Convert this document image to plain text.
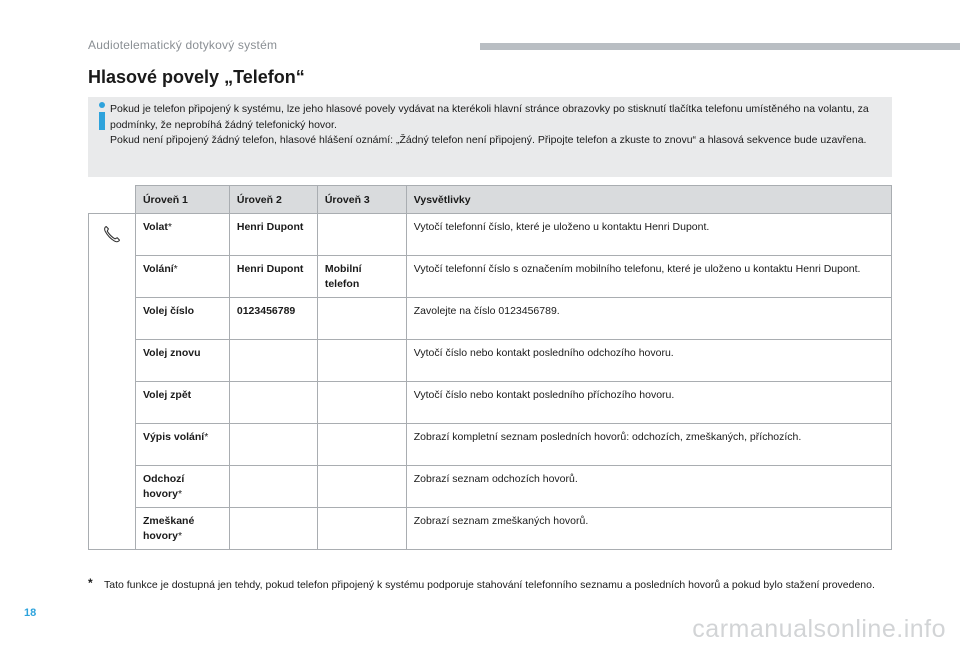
Audiotelematický dotykový systém
Hlasové povely „Telefon“

Pokud je telefon připojený k systému, lze jeho hlasové povely vydávat na kterékoli hlavní stránce obrazovky po stisknutí tlačítka telefonu umístěného na volantu, za podmínky, že neprobíhá žádný telefonický hovor.

Pokud není připojený žádný telefon, hlasové hlášení oznámí: „Žádný telefon není připojený. Připojte telefon a zkuste to znovu“ a hlasová sekvence bude uzavřena.

	Úroveň 1	Úroveň 2	Úroveň 3	Vysvětlivky

	Volat*	Henri Dupont		Vytočí telefonní číslo, které je uloženo u kontaktu Henri Dupont.
	Volání*	Henri Dupont	Mobilní telefon	Vytočí telefonní číslo s označením mobilního telefonu, které je uloženo u kontaktu Henri Dupont.
	Volej číslo	0123456789		Zavolejte na číslo 0123456789.
	Volej znovu			Vytočí číslo nebo kontakt posledního odchozího hovoru.
	Volej zpět			Vytočí číslo nebo kontakt posledního příchozího hovoru.
	Výpis volání*			Zobrazí kompletní seznam posledních hovorů: odchozích, zmeškaných, příchozích.
	Odchozí hovory*			Zobrazí seznam odchozích hovorů.
	Zmeškané hovory*			Zobrazí seznam zmeškaných hovorů.
*	Tato funkce je dostupná jen tehdy, pokud telefon připojený k systému podporuje stahování telefonního seznamu a posledních hovorů a pokud bylo stažení provedeno.
18
carmanualsonline.info
